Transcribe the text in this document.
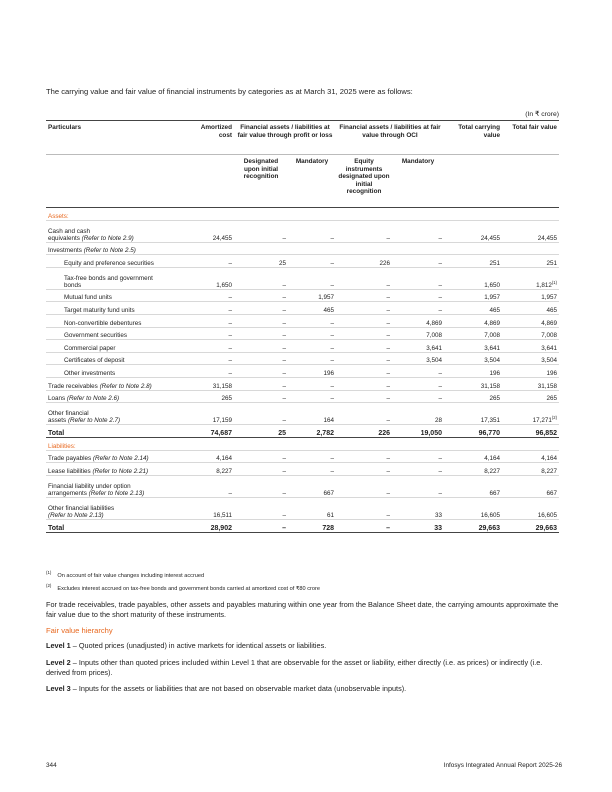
The carrying value and fair value of financial instruments by categories as at March 31, 2025 were as follows:
(In ₹ crore)
Particulars	Amortized cost	Financial assets / liabilities at fair value through profit or loss		Financial assets / liabilities at fair value through OCI		Total carrying value	Total fair value
		Designated upon initial recognition	Mandatory	Equity instruments designated upon initial recognition	Mandatory		
Assets:							
Cash and cash
equivalents (Refer to Note 2.9)	24,455	–	–	–	–	24,455	24,455
Investments (Refer to Note 2.5)							
Equity and preference securities	–	25	–	226	–	251	251
Tax-free bonds and government
bonds	1,650	–	–	–	–	1,650	1,812$^{(1)}$
Mutual fund units	–	–	1,957	–	–	1,957	1,957
Target maturity fund units	–	–	465	–	–	465	465
Non-convertible debentures	–	–	–	–	4,869	4,869	4,869
Government securities	–	–	–	–	7,008	7,008	7,008
Commercial paper	–	–	–	–	3,641	3,641	3,641
Certificates of deposit	–	–	–	–	3,504	3,504	3,504
Other investments	–	–	196	–	–	196	196
Trade receivables (Refer to Note 2.8)	31,158	–	–	–	–	31,158	31,158
Loans (Refer to Note 2.6)	265	–	–	–	–	265	265
Other financial
assets (Refer to Note 2.7)	17,159	–	164	–	28	17,351	17,271$^{(2)}$
Total	74,687	25	2,782	226	19,050	96,770	96,852
Liabilities:							
Trade payables (Refer to Note 2.14)	4,164	–	–	–	–	4,164	4,164
Lease liabilities (Refer to Note 2.21)	8,227	–	–	–	–	8,227	8,227
Financial liability under option
arrangements (Refer to Note 2.13)	–	–	667	–	–	667	667
Other financial liabilities
(Refer to Note 2.13)	16,511	–	61	–	33	16,605	16,605
Total	28,902	–	728	–	33	29,663	29,663
$^{(1)}$On account of fair value changes including interest accrued
$^{(2)}$Excludes interest accrued on tax-free bonds and government bonds carried at amortized cost of ₹80 crore
For trade receivables, trade payables, other assets and payables maturing within one year from the Balance Sheet date, the carrying amounts approximate the fair value due to the short maturity of these instruments.
Fair value hierarchy
Level 1 – Quoted prices (unadjusted) in active markets for identical assets or liabilities.
Level 2 – Inputs other than quoted prices included within Level 1 that are observable for the asset or liability, either directly (i.e. as prices) or indirectly (i.e. derived from prices).
Level 3 – Inputs for the assets or liabilities that are not based on observable market data (unobservable inputs).
344	Infosys Integrated Annual Report 2025-26
